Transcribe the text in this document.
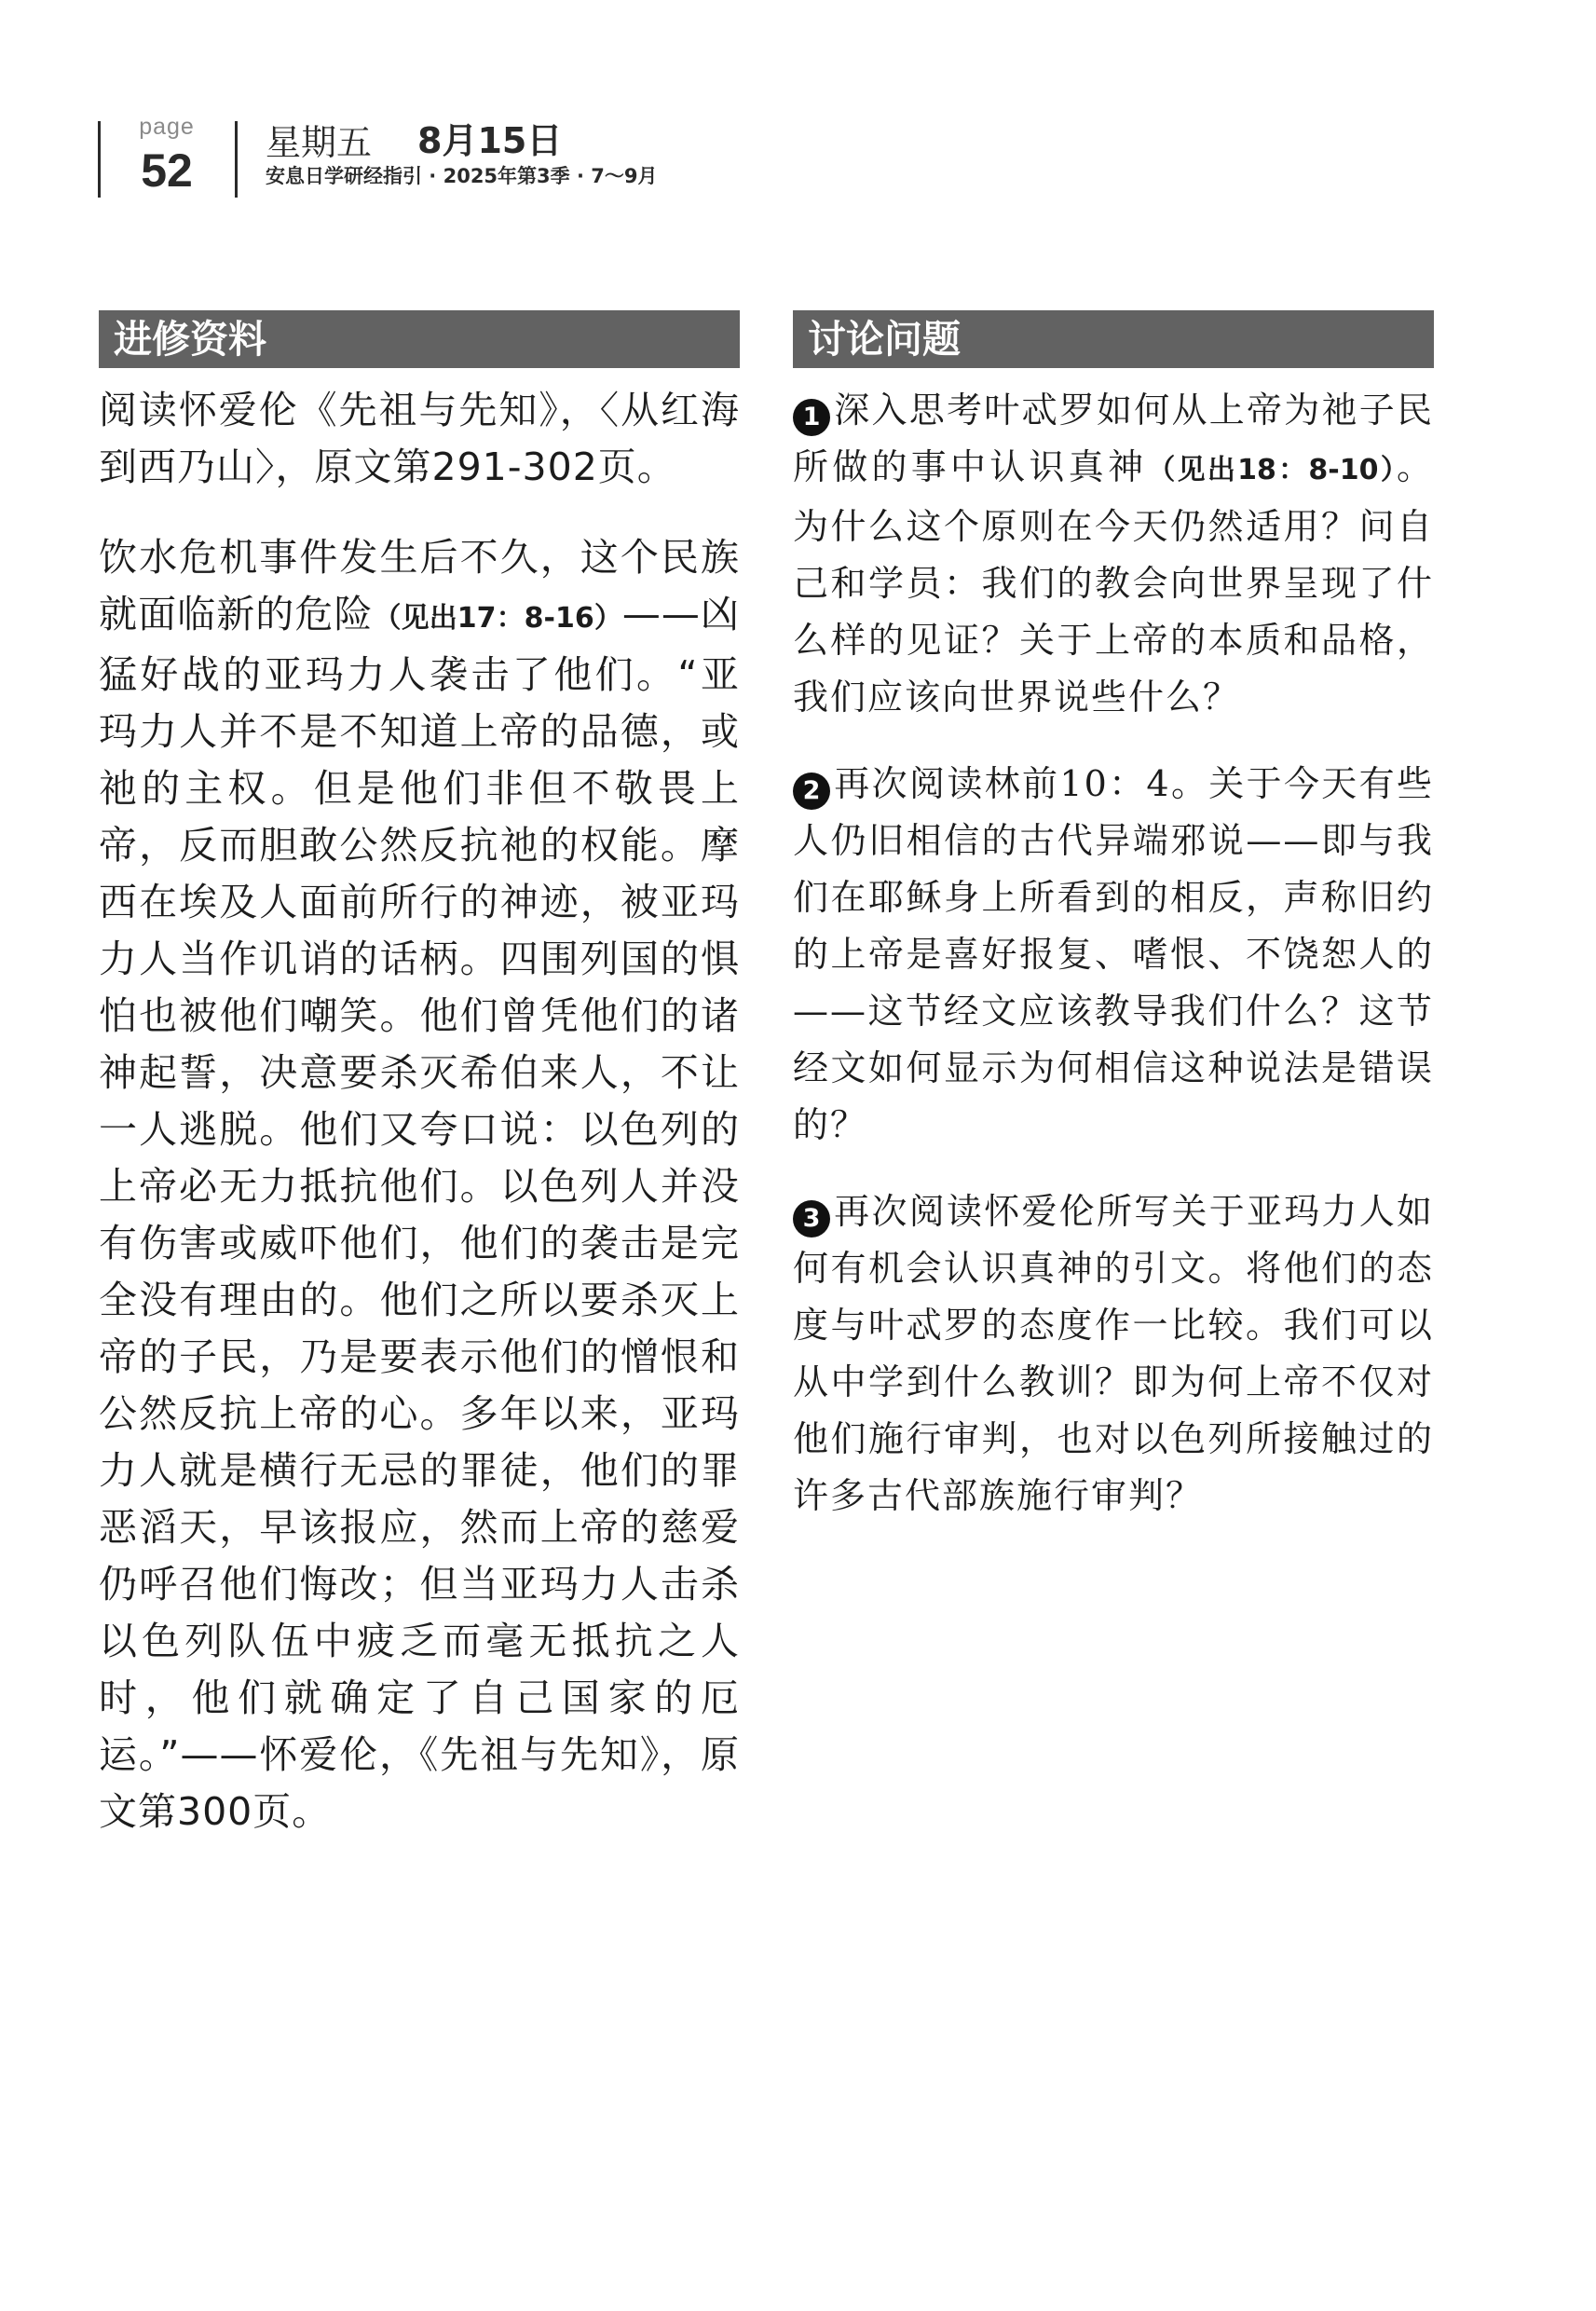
page
52
星期五 8月15日
安息日学研经指引 · 2025年第3季 · 7～9月
进修资料	讨论问题

阅读怀爱伦《先祖与先知》，〈从红海到西乃山〉，原文第291-302页。

饮水危机事件发生后不久，这个民族就面临新的危险（见出17：8-16）——凶猛好战的亚玛力人袭击了他们。“亚玛力人并不是不知道上帝的品德，或祂的主权。但是他们非但不敬畏上帝，反而胆敢公然反抗祂的权能。摩西在埃及人面前所行的神迹，被亚玛力人当作讥诮的话柄。四围列国的惧怕也被他们嘲笑。他们曾凭他们的诸神起誓，决意要杀灭希伯来人，不让一人逃脱。他们又夸口说：以色列的上帝必无力抵抗他们。以色列人并没有伤害或威吓他们，他们的袭击是完全没有理由的。他们之所以要杀灭上帝的子民，乃是要表示他们的憎恨和公然反抗上帝的心。多年以来，亚玛力人就是横行无忌的罪徒，他们的罪恶滔天，早该报应，然而上帝的慈爱仍呼召他们悔改；但当亚玛力人击杀以色列队伍中疲乏而毫无抵抗之人时，他们就确定了自己国家的厄运。”——怀爱伦，《先祖与先知》，原文第300页。

1 深入思考叶忒罗如何从上帝为祂子民所做的事中认识真神（见出18：8-10）。为什么这个原则在今天仍然适用？问自己和学员：我们的教会向世界呈现了什么样的见证？关于上帝的本质和品格，我们应该向世界说些什么？

2 再次阅读林前10：4。关于今天有些人仍旧相信的古代异端邪说——即与我们在耶稣身上所看到的相反，声称旧约的上帝是喜好报复、嗜恨、不饶恕人的——这节经文应该教导我们什么？这节经文如何显示为何相信这种说法是错误的？

3 再次阅读怀爱伦所写关于亚玛力人如何有机会认识真神的引文。将他们的态度与叶忒罗的态度作一比较。我们可以从中学到什么教训？即为何上帝不仅对他们施行审判，也对以色列所接触过的许多古代部族施行审判？
